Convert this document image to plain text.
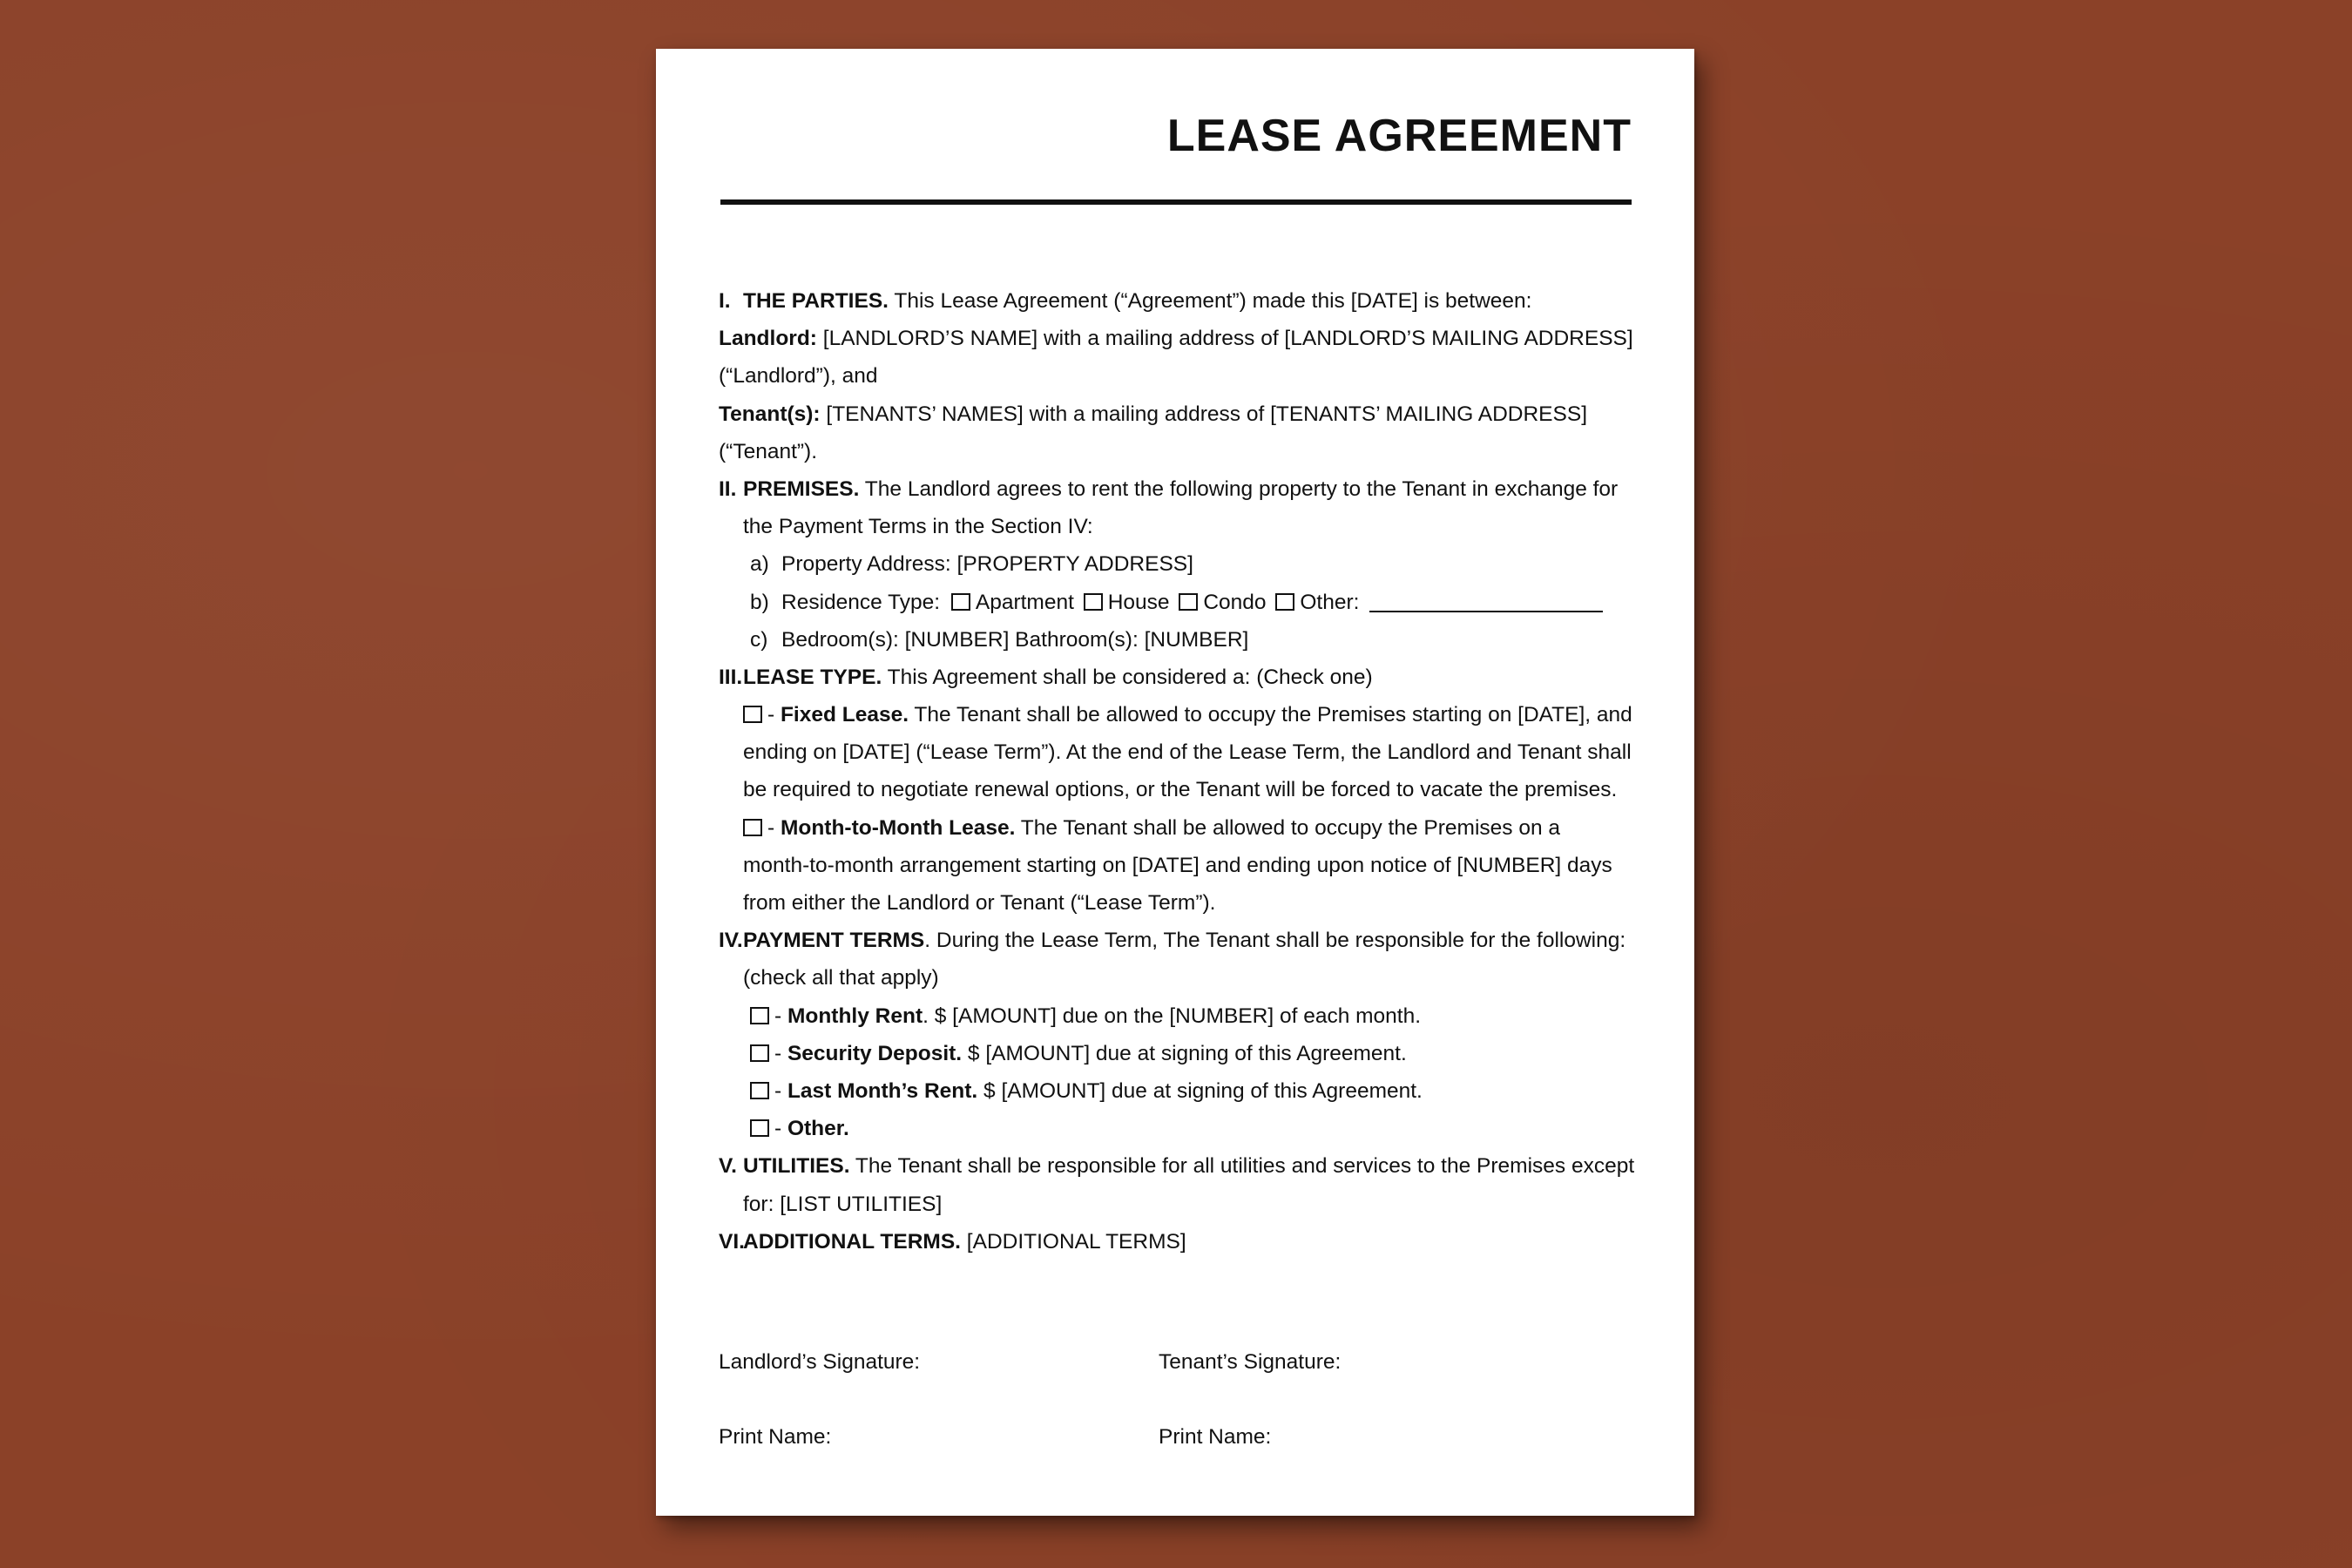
LEASE AGREEMENT
I. THE PARTIES. This Lease Agreement (“Agreement”) made this [DATE] is between:
Landlord: [LANDLORD’S NAME] with a mailing address of [LANDLORD’S MAILING ADDRESS]
(“Landlord”), and
Tenant(s): [TENANTS’ NAMES] with a mailing address of [TENANTS’ MAILING ADDRESS]
(“Tenant”).
II. PREMISES. The Landlord agrees to rent the following property to the Tenant in exchange for
the Payment Terms in the Section IV:
a) Property Address: [PROPERTY ADDRESS]
b) Residence Type: Apartment House Condo Other:
c) Bedroom(s): [NUMBER] Bathroom(s): [NUMBER]
III. LEASE TYPE. This Agreement shall be considered a: (Check one)
- Fixed Lease. The Tenant shall be allowed to occupy the Premises starting on [DATE], and
ending on [DATE] (“Lease Term”). At the end of the Lease Term, the Landlord and Tenant shall
be required to negotiate renewal options, or the Tenant will be forced to vacate the premises.
- Month-to-Month Lease. The Tenant shall be allowed to occupy the Premises on a
month-to-month arrangement starting on [DATE] and ending upon notice of [NUMBER] days
from either the Landlord or Tenant (“Lease Term”).
IV. PAYMENT TERMS. During the Lease Term, The Tenant shall be responsible for the following:
(check all that apply)
- Monthly Rent. $ [AMOUNT] due on the [NUMBER] of each month.
- Security Deposit. $ [AMOUNT] due at signing of this Agreement.
- Last Month’s Rent. $ [AMOUNT] due at signing of this Agreement.
- Other.
V. UTILITIES. The Tenant shall be responsible for all utilities and services to the Premises except
for: [LIST UTILITIES]
VI.
ADDITIONAL TERMS. [ADDITIONAL TERMS]
Landlord’s Signature:	Tenant’s Signature:
Print Name:	Print Name:
